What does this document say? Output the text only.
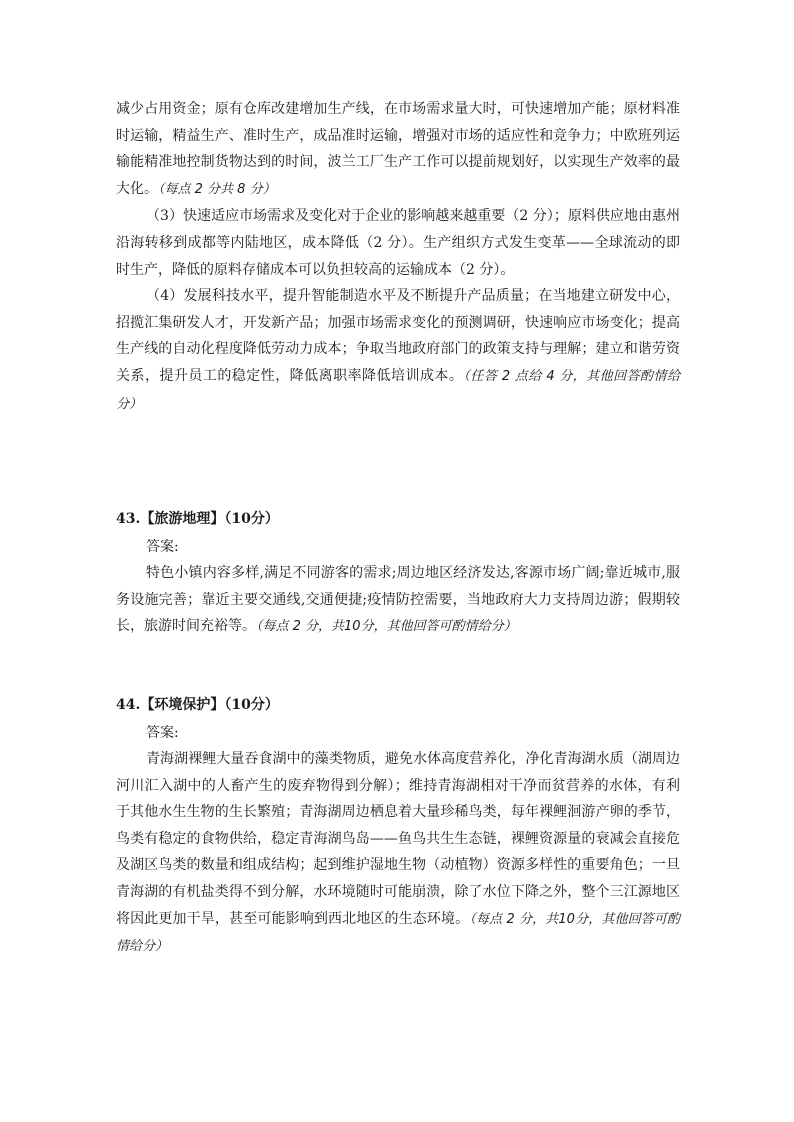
减少占用资金；原有仓库改建增加生产线，在市场需求量大时，可快速增加产能；原材料准时运输，精益生产、准时生产，成品准时运输，增强对市场的适应性和竞争力；中欧班列运输能精准地控制货物达到的时间，波兰工厂生产工作可以提前规划好，以实现生产效率的最大化。（每点 2 分共 8 分）

（3）快速适应市场需求及变化对于企业的影响越来越重要（2 分）；原料供应地由惠州沿海转移到成都等内陆地区，成本降低（2 分）。生产组织方式发生变革——全球流动的即时生产，降低的原料存储成本可以负担较高的运输成本（2 分）。

（4）发展科技水平，提升智能制造水平及不断提升产品质量；在当地建立研发中心，招揽汇集研发人才，开发新产品；加强市场需求变化的预测调研，快速响应市场变化；提高生产线的自动化程度降低劳动力成本；争取当地政府部门的政策支持与理解；建立和谐劳资关系，提升员工的稳定性，降低离职率降低培训成本。（任答 2 点给 4 分，其他回答酌情给分）

43.【旅游地理】（10分）

答案:

特色小镇内容多样,满足不同游客的需求;周边地区经济发达,客源市场广阔;靠近城市,服务设施完善；靠近主要交通线,交通便捷;疫情防控需要，当地政府大力支持周边游；假期较长，旅游时间充裕等。（每点 2 分，共10分，其他回答可酌情给分）

44.【环境保护】（10分）

答案:

青海湖裸鲤大量吞食湖中的藻类物质，避免水体高度营养化，净化青海湖水质（湖周边河川汇入湖中的人畜产生的废弃物得到分解）；维持青海湖相对干净而贫营养的水体，有利于其他水生生物的生长繁殖；青海湖周边栖息着大量珍稀鸟类，每年裸鲤洄游产卵的季节，鸟类有稳定的食物供给，稳定青海湖鸟岛——鱼鸟共生生态链，裸鲤资源量的衰减会直接危及湖区鸟类的数量和组成结构；起到维护湿地生物（动植物）资源多样性的重要角色；一旦青海湖的有机盐类得不到分解，水环境随时可能崩溃，除了水位下降之外，整个三江源地区将因此更加干旱，甚至可能影响到西北地区的生态环境。（每点 2 分，共10分，其他回答可酌情给分）
